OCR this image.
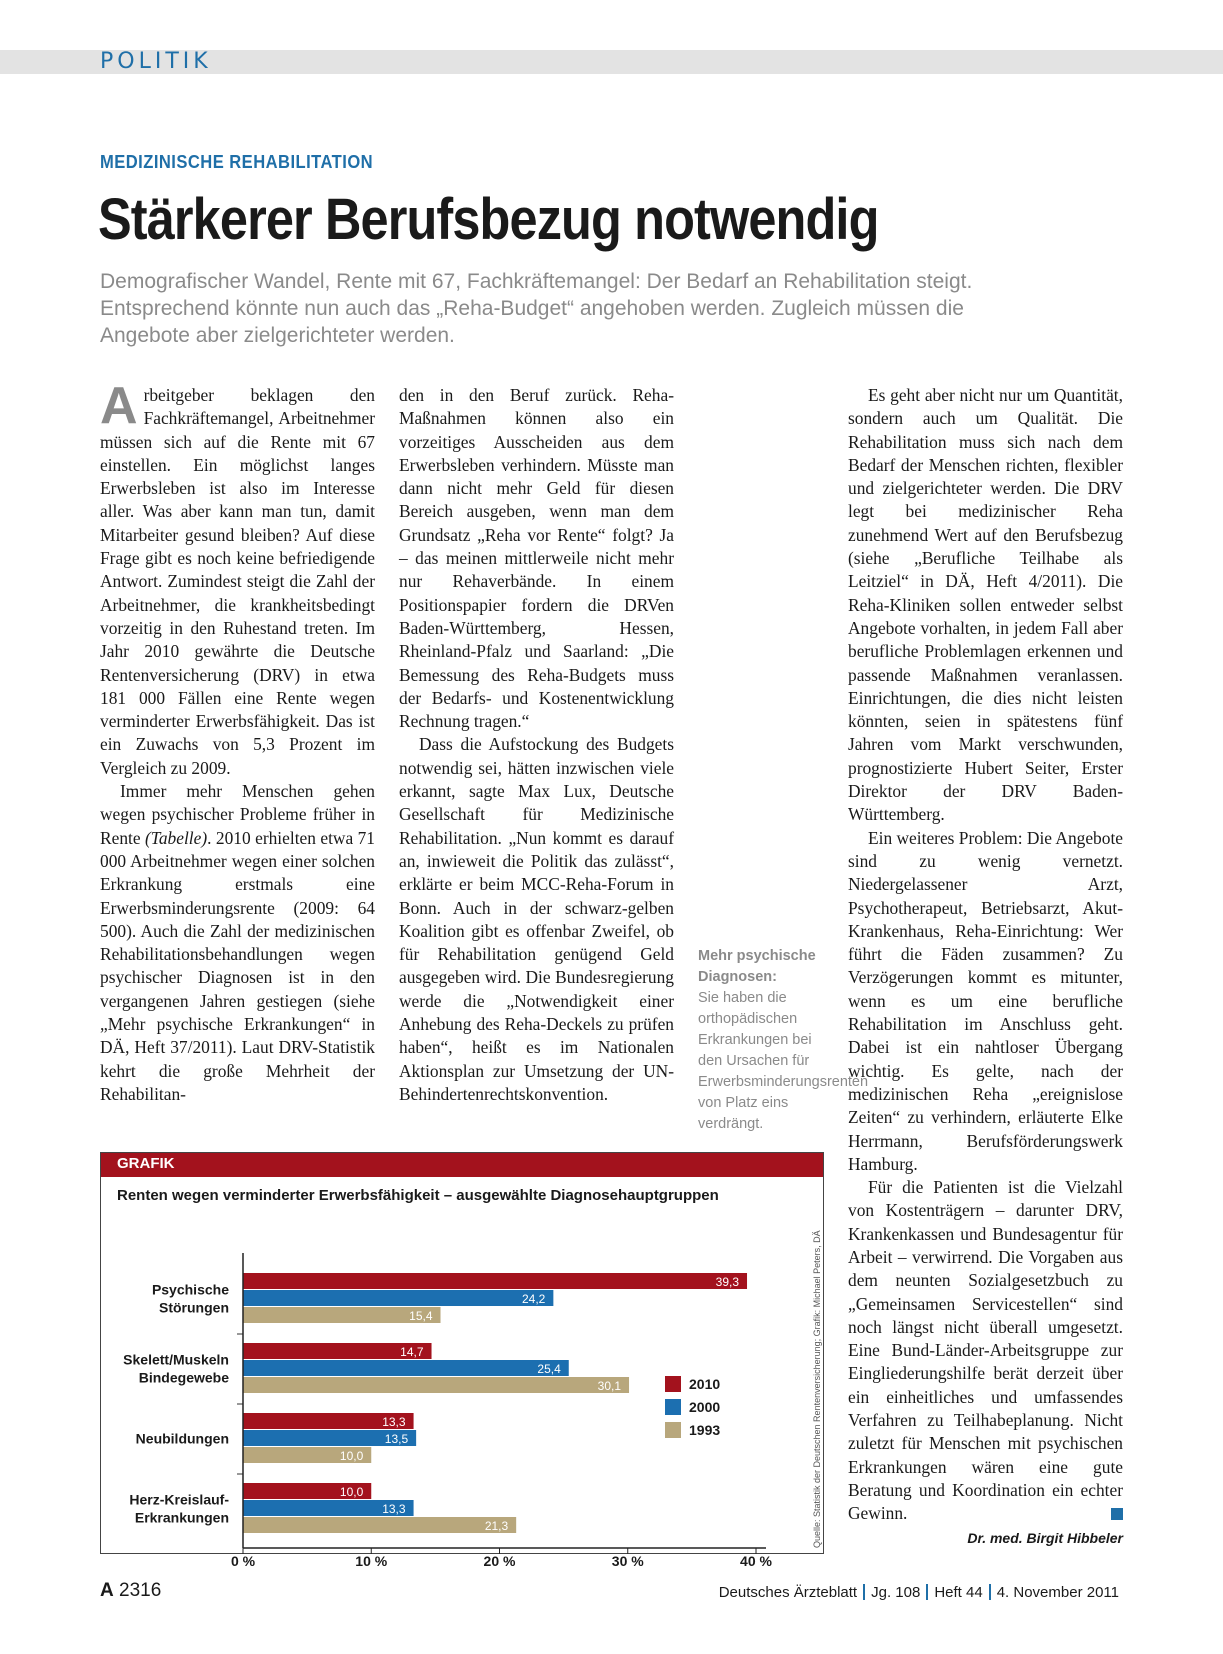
POLITIK
MEDIZINISCHE REHABILITATION
Stärkerer Berufsbezug notwendig
Demografischer Wandel, Rente mit 67, Fachkräftemangel: Der Bedarf an Rehabilitation steigt. Entsprechend könnte nun auch das „Reha-Budget“ angehoben werden. Zugleich müssen die Angebote aber zielgerichteter werden.

Arbeitgeber beklagen den Fachkräftemangel, Arbeitnehmer müssen sich auf die Rente mit 67 einstellen. Ein möglichst langes Erwerbsleben ist also im Interesse aller. Was aber kann man tun, damit Mitarbeiter gesund bleiben? Auf diese Frage gibt es noch keine befriedigende Antwort. Zumindest steigt die Zahl der Arbeitnehmer, die krankheitsbedingt vorzeitig in den Ruhestand treten. Im Jahr 2010 gewährte die Deutsche Rentenversicherung (DRV) in etwa 181 000 Fällen eine Rente wegen verminderter Erwerbsfähigkeit. Das ist ein Zuwachs von 5,3 Prozent im Vergleich zu 2009.

Immer mehr Menschen gehen wegen psychischer Probleme früher in Rente (Tabelle). 2010 erhielten etwa 71 000 Arbeitnehmer wegen einer solchen Erkrankung erstmals eine Erwerbsminderungsrente (2009: 64 500). Auch die Zahl der medizinischen Rehabilitationsbehandlungen wegen psychischer Diagnosen ist in den vergangenen Jahren gestiegen (siehe „Mehr psychische Erkrankungen“ in DÄ, Heft 37/2011). Laut DRV-Statistik kehrt die große Mehrheit der Rehabilitan-

den in den Beruf zurück. Reha-Maßnahmen können also ein vorzeitiges Ausscheiden aus dem Erwerbsleben verhindern. Müsste man dann nicht mehr Geld für diesen Bereich ausgeben, wenn man dem Grundsatz „Reha vor Rente“ folgt? Ja – das meinen mittlerweile nicht mehr nur Rehaverbände. In einem Positionspapier fordern die DRVen Baden-Württemberg, Hessen, Rheinland-Pfalz und Saarland: „Die Bemessung des Reha-Budgets muss der Bedarfs- und Kostenentwicklung Rechnung tragen.“

Dass die Aufstockung des Budgets notwendig sei, hätten inzwischen viele erkannt, sagte Max Lux, Deutsche Gesellschaft für Medizinische Rehabilitation. „Nun kommt es darauf an, inwieweit die Politik das zulässt“, erklärte er beim MCC-Reha-Forum in Bonn. Auch in der schwarz-gelben Koalition gibt es offenbar Zweifel, ob für Rehabilitation genügend Geld ausgegeben wird. Die Bundesregierung werde die „Notwendigkeit einer Anhebung des Reha-Deckels zu prüfen haben“, heißt es im Nationalen Aktionsplan zur Umsetzung der UN-Behindertenrechtskonvention.

Mehr psychische Diagnosen:
Sie haben die orthopädischen Erkrankungen bei den Ursachen für Erwerbsminderungsrenten von Platz eins verdrängt.

Es geht aber nicht nur um Quantität, sondern auch um Qualität. Die Rehabilitation muss sich nach dem Bedarf der Menschen richten, flexibler und zielgerichteter werden. Die DRV legt bei medizinischer Reha zunehmend Wert auf den Berufsbezug (siehe „Berufliche Teilhabe als Leitziel“ in DÄ, Heft 4/2011). Die Reha-Kliniken sollen entweder selbst Angebote vorhalten, in jedem Fall aber berufliche Problemlagen erkennen und passende Maßnahmen veranlassen. Einrichtungen, die dies nicht leisten könnten, seien in spätestens fünf Jahren vom Markt verschwunden, prognostizierte Hubert Seiter, Erster Direktor der DRV Baden-Württemberg.

Ein weiteres Problem: Die Angebote sind zu wenig vernetzt. Niedergelassener Arzt, Psychotherapeut, Betriebsarzt, Akut-Krankenhaus, Reha-Einrichtung: Wer führt die Fäden zusammen? Zu Verzögerungen kommt es mitunter, wenn es um eine berufliche Rehabilitation im Anschluss geht. Dabei ist ein nahtloser Übergang wichtig. Es gelte, nach der medizinischen Reha „ereignislose Zeiten“ zu verhindern, erläuterte Elke Herrmann, Berufsförderungswerk Hamburg.

Für die Patienten ist die Vielzahl von Kostenträgern – darunter DRV, Krankenkassen und Bundesagentur für Arbeit – verwirrend. Die Vorgaben aus dem neunten Sozialgesetzbuch zu „Gemeinsamen Servicestellen“ sind noch längst nicht überall umgesetzt. Eine Bund-Länder-Arbeitsgruppe zur Eingliederungshilfe berät derzeit über ein einheitliches und umfassendes Verfahren zu Teilhabeplanung. Nicht zuletzt für Menschen mit psychischen Erkrankungen wären eine gute Beratung und Koordination ein echter Gewinn.

GRAFIK
Renten wegen verminderter Erwerbsfähigkeit – ausgewählte Diagnosehauptgruppen
Psychische
Störungen
39,3
24,2
15,4
Skelett/Muskeln
Bindegewebe
14,7
25,4
30,1
Neubildungen
13,3
13,5
10,0
Herz-Kreislauf-
Erkrankungen
10,0
13,3
21,3
0 %	10 %	20 %	30 %	40 %
2010
2000
1993	Quelle: Statistik der Deutschen Rentenversicherung; Grafik: Michael Peters, DÄ	Dr. med. Birgit Hibbeler
A 2316	Deutsches Ärzteblatt Jg. 108 Heft 44 4. November 2011
